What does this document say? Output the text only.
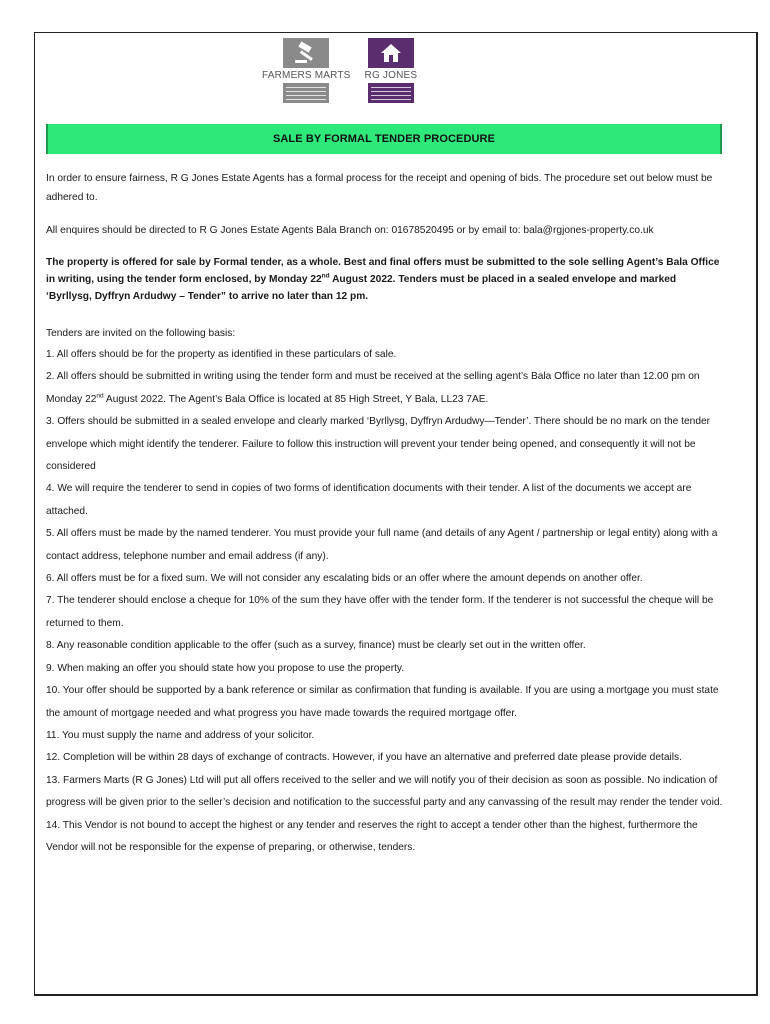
FARMERS MARTS RG JONES
SALE BY FORMAL TENDER PROCEDURE

In order to ensure fairness, R G Jones Estate Agents has a formal process for the receipt and opening of bids. The procedure set out below must be adhered to.

All enquires should be directed to R G Jones Estate Agents Bala Branch on: 01678520495 or by email to: bala@rgjones-property.co.uk

The property is offered for sale by Formal tender, as a whole. Best and final offers must be submitted to the sole selling Agent’s Bala Office in writing, using the tender form enclosed, by Monday 22nd August 2022. Tenders must be placed in a sealed envelope and marked ‘Byrllysg, Dyffryn Ardudwy – Tender” to arrive no later than 12 pm.

Tenders are invited on the following basis:

1. All offers should be for the property as identified in these particulars of sale.
2. All offers should be submitted in writing using the tender form and must be received at the selling agent’s Bala Office no later than 12.00 pm on Monday 22nd August 2022. The Agent’s Bala Office is located at 85 High Street, Y Bala, LL23 7AE.
3. Offers should be submitted in a sealed envelope and clearly marked ‘Byrllysg, Dyffryn Ardudwy—Tender’. There should be no mark on the tender envelope which might identify the tenderer. Failure to follow this instruction will prevent your tender being opened, and consequently it will not be considered
4. We will require the tenderer to send in copies of two forms of identification documents with their tender. A list of the documents we accept are attached.
5. All offers must be made by the named tenderer. You must provide your full name (and details of any Agent / partnership or legal entity) along with a contact address, telephone number and email address (if any).
6. All offers must be for a fixed sum. We will not consider any escalating bids or an offer where the amount depends on another offer.
7. The tenderer should enclose a cheque for 10% of the sum they have offer with the tender form. If the tenderer is not successful the cheque will be returned to them.
8. Any reasonable condition applicable to the offer (such as a survey, finance) must be clearly set out in the written offer.
9. When making an offer you should state how you propose to use the property.
10. Your offer should be supported by a bank reference or similar as confirmation that funding is available. If you are using a mortgage you must state the amount of mortgage needed and what progress you have made towards the required mortgage offer.
11. You must supply the name and address of your solicitor.
12. Completion will be within 28 days of exchange of contracts. However, if you have an alternative and preferred date please provide details.
13. Farmers Marts (R G Jones) Ltd will put all offers received to the seller and we will notify you of their decision as soon as possible. No indication of progress will be given prior to the seller’s decision and notification to the successful party and any canvassing of the result may render the tender void.
14. This Vendor is not bound to accept the highest or any tender and reserves the right to accept a tender other than the highest, furthermore the Vendor will not be responsible for the expense of preparing, or otherwise, tenders.
